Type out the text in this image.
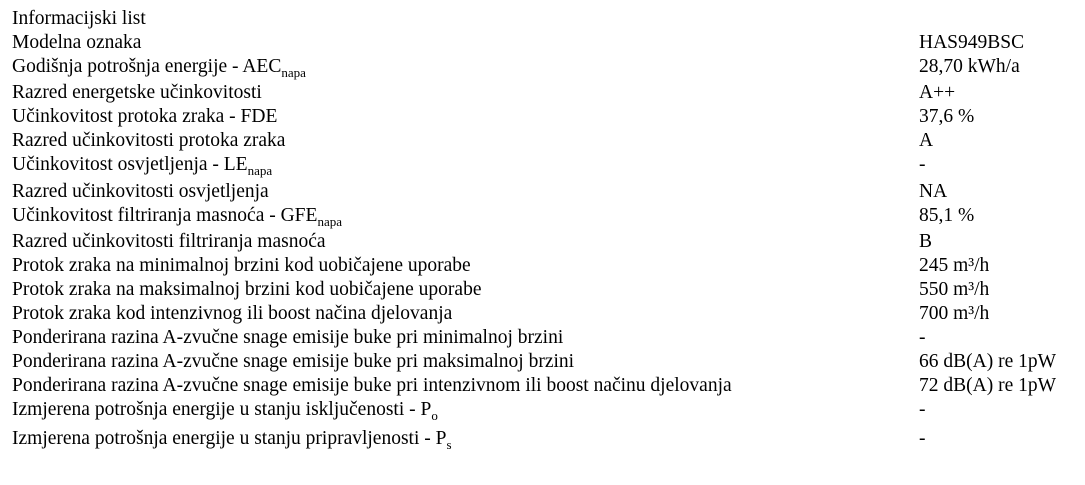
Informacijski list
Modelna oznaka	HAS949BSC
Godišnja potrošnja energije - $AEC_{napa}$	28,70 kWh/a
Razred energetske učinkovitosti	A++
Učinkovitost protoka zraka - FDE	37,6 %
Razred učinkovitosti protoka zraka	A
Učinkovitost osvjetljenja - $LE_{napa}$	-
Razred učinkovitosti osvjetljenja	NA
Učinkovitost filtriranja masnoća - $GFE_{napa}$	85,1 %
Razred učinkovitosti filtriranja masnoća	B
Protok zraka na minimalnoj brzini kod uobičajene uporabe	245 m³/h
Protok zraka na maksimalnoj brzini kod uobičajene uporabe	550 m³/h
Protok zraka kod intenzivnog ili boost načina djelovanja	700 m³/h
Ponderirana razina A-zvučne snage emisije buke pri minimalnoj brzini	-
Ponderirana razina A-zvučne snage emisije buke pri maksimalnoj brzini	66 dB(A) re 1pW
Ponderirana razina A-zvučne snage emisije buke pri intenzivnom ili boost načinu djelovanja	72 dB(A) re 1pW
Izmjerena potrošnja energije u stanju isključenosti - $P_o$	-
Izmjerena potrošnja energije u stanju pripravljenosti - $P_s$	-
